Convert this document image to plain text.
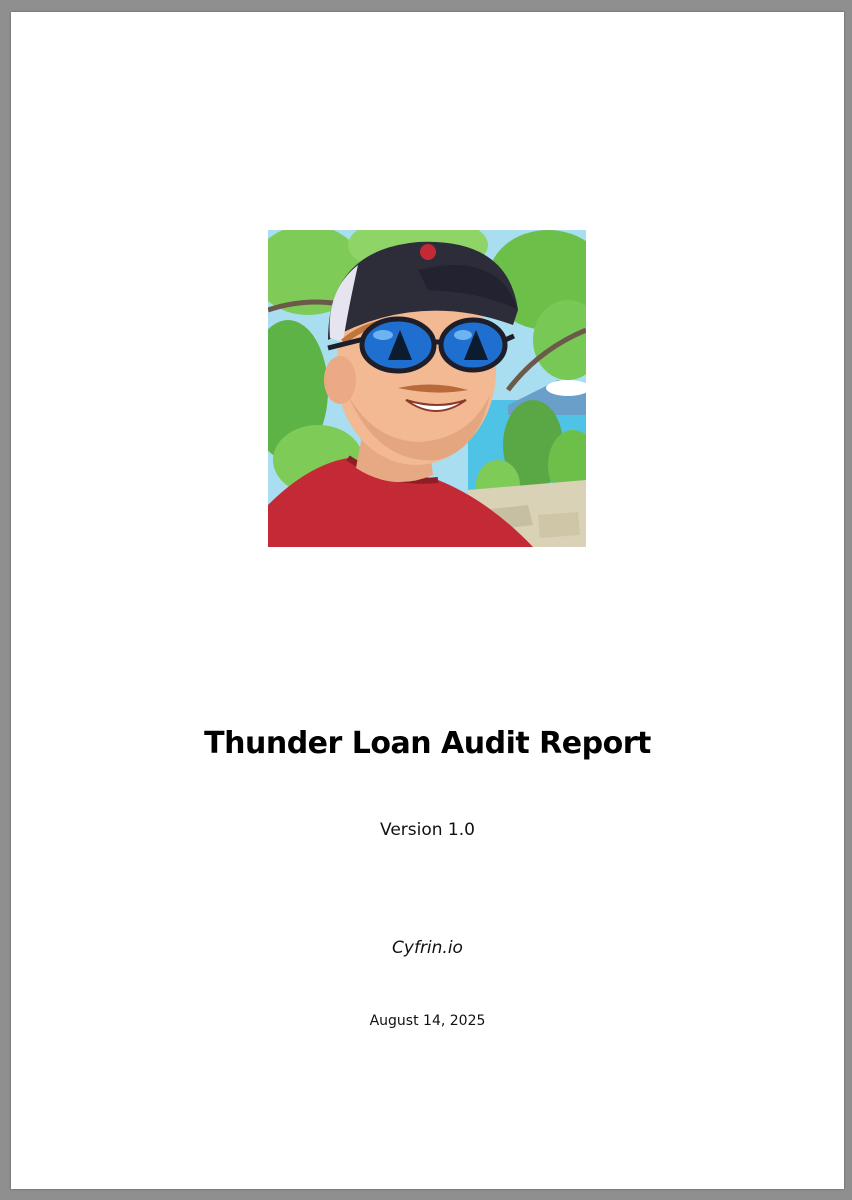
Thunder Loan Audit Report
Version 1.0
Cyfrin.io
August 14, 2025
